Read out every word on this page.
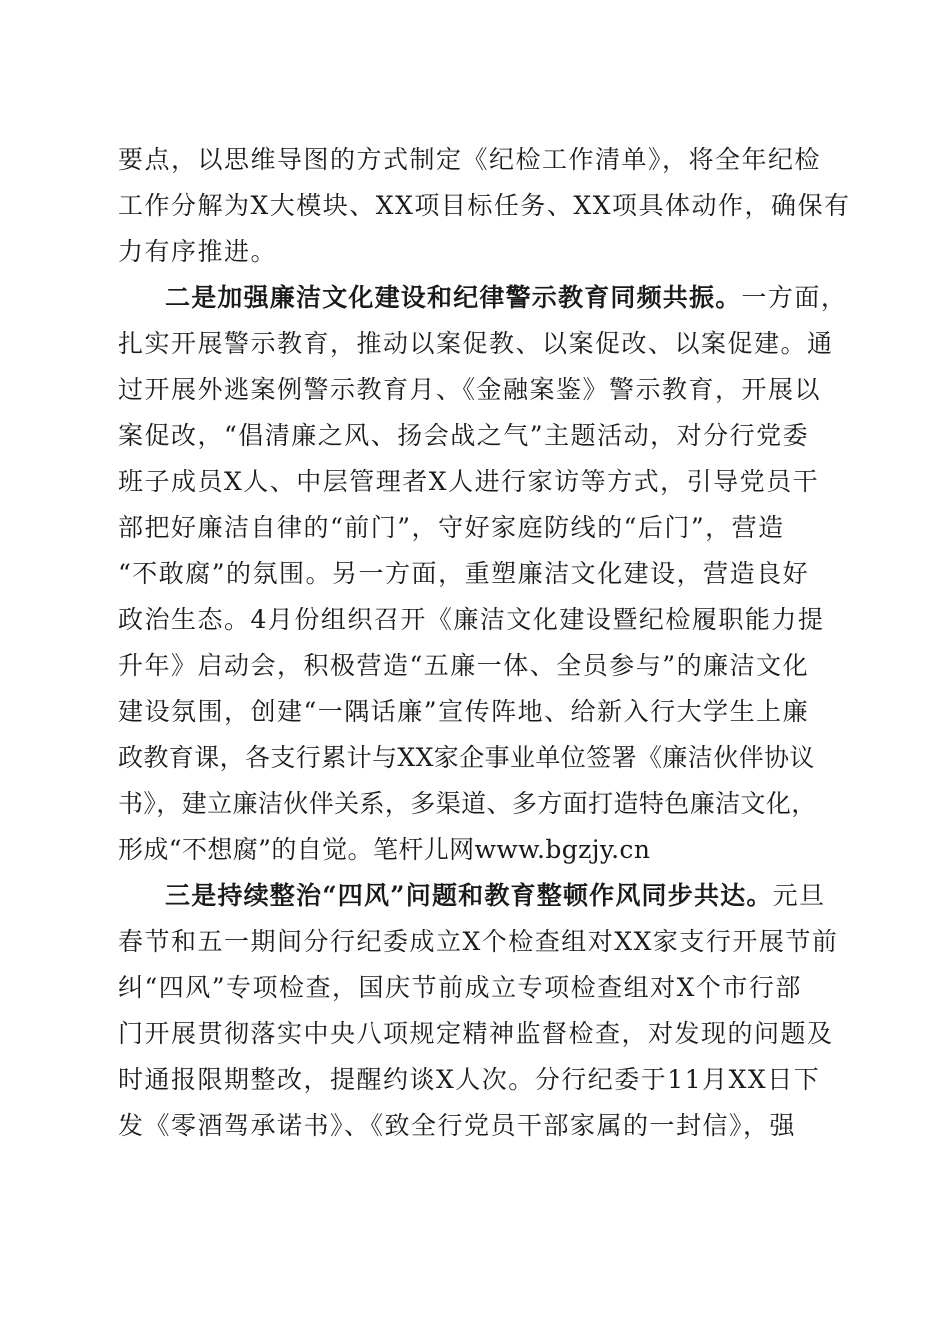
要点，以思维导图的方式制定《纪检工作清单》，将全年纪检
工作分解为X大模块、XX项目标任务、XX项具体动作，确保有
力有序推进。
二是加强廉洁文化建设和纪律警示教育同频共振。一方面，
扎实开展警示教育，推动以案促教、以案促改、以案促建。通
过开展外逃案例警示教育月、《金融案鉴》警示教育，开展以
案促改，“倡清廉之风、扬会战之气”主题活动，对分行党委
班子成员X人、中层管理者X人进行家访等方式，引导党员干
部把好廉洁自律的“前门”，守好家庭防线的“后门”，营造
“不敢腐”的氛围。另一方面，重塑廉洁文化建设，营造良好
政治生态。4月份组织召开《廉洁文化建设暨纪检履职能力提
升年》启动会，积极营造“五廉一体、全员参与”的廉洁文化
建设氛围，创建“一隅话廉”宣传阵地、给新入行大学生上廉
政教育课，各支行累计与XX家企事业单位签署《廉洁伙伴协议
书》，建立廉洁伙伴关系，多渠道、多方面打造特色廉洁文化，
形成“不想腐”的自觉。笔杆儿网www.bgzjy.cn
三是持续整治“四风”问题和教育整顿作风同步共达。元旦
春节和五一期间分行纪委成立X个检查组对XX家支行开展节前
纠“四风”专项检查，国庆节前成立专项检查组对X个市行部
门开展贯彻落实中央八项规定精神监督检查，对发现的问题及
时通报限期整改，提醒约谈X人次。分行纪委于11月XX日下
发《零酒驾承诺书》、《致全行党员干部家属的一封信》，强
